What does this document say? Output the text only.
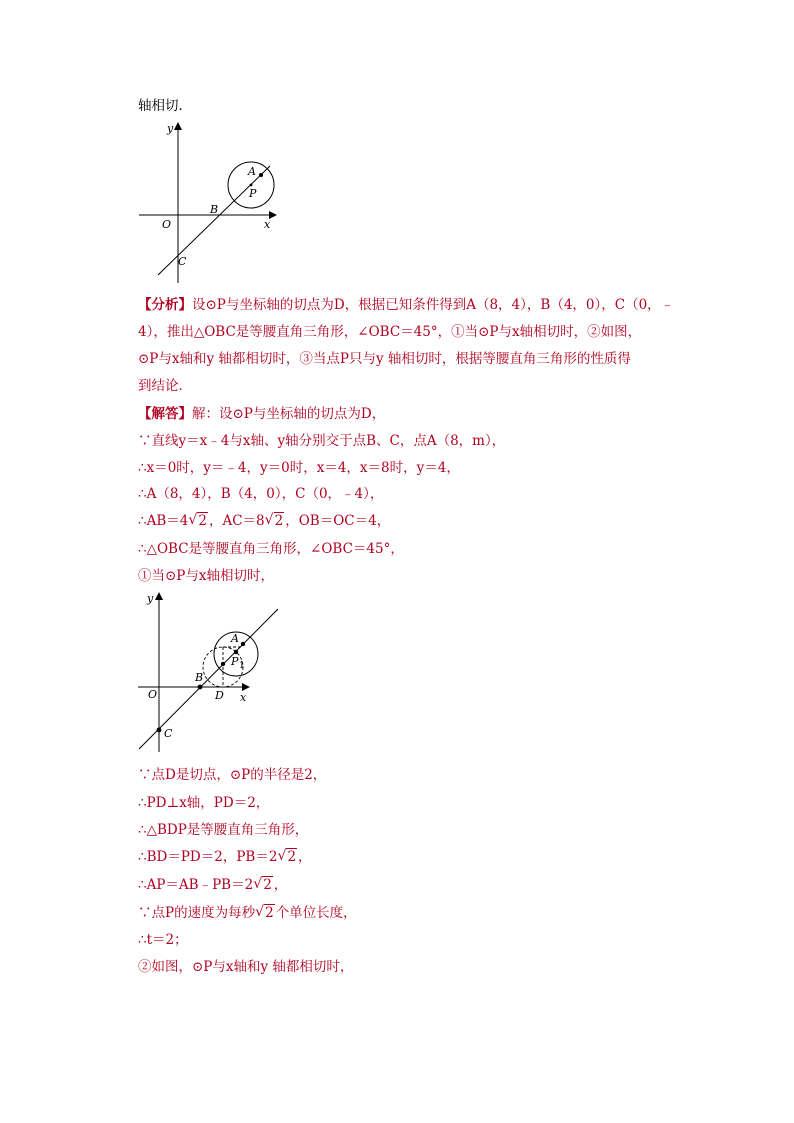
轴相切．
y
x
O
A
P
B
C
【分析】设⊙P与坐标轴的切点为D，根据已知条件得到A（8，4），B（4，0），C（0，﹣
4），推出△OBC是等腰直角三角形，∠OBC＝45°，①当⊙P与x轴相切时，②如图，
⊙P与x轴和y 轴都相切时，③当点P只与y 轴相切时，根据等腰直角三角形的性质得
到结论．
【解答】解：设⊙P与坐标轴的切点为D，
∵直线y＝x﹣4与x轴、y轴分别交于点B、C，点A（8，m），
∴x＝0时，y＝﹣4，y＝0时，x＝4，x＝8时，y＝4，
∴A（8，4），B（4，0），C（0，﹣4），
∴AB＝4 √ 2 ，AC＝8 √ 2 ，OB＝OC＝4，
∴△OBC是等腰直角三角形，∠OBC＝45°，
①当⊙P与x轴相切时，
y
x
O
A
P 1
B
D
C
∵点D是切点，⊙P的半径是2，
∴PD⊥x轴，PD＝2，
∴△BDP是等腰直角三角形，
∴BD＝PD＝2，PB＝2 √ 2 ，
∴AP＝AB﹣PB＝2 √ 2 ，
∵点P的速度为每秒 √ 2 个单位长度，
∴t＝2；
②如图，⊙P与x轴和y 轴都相切时，
